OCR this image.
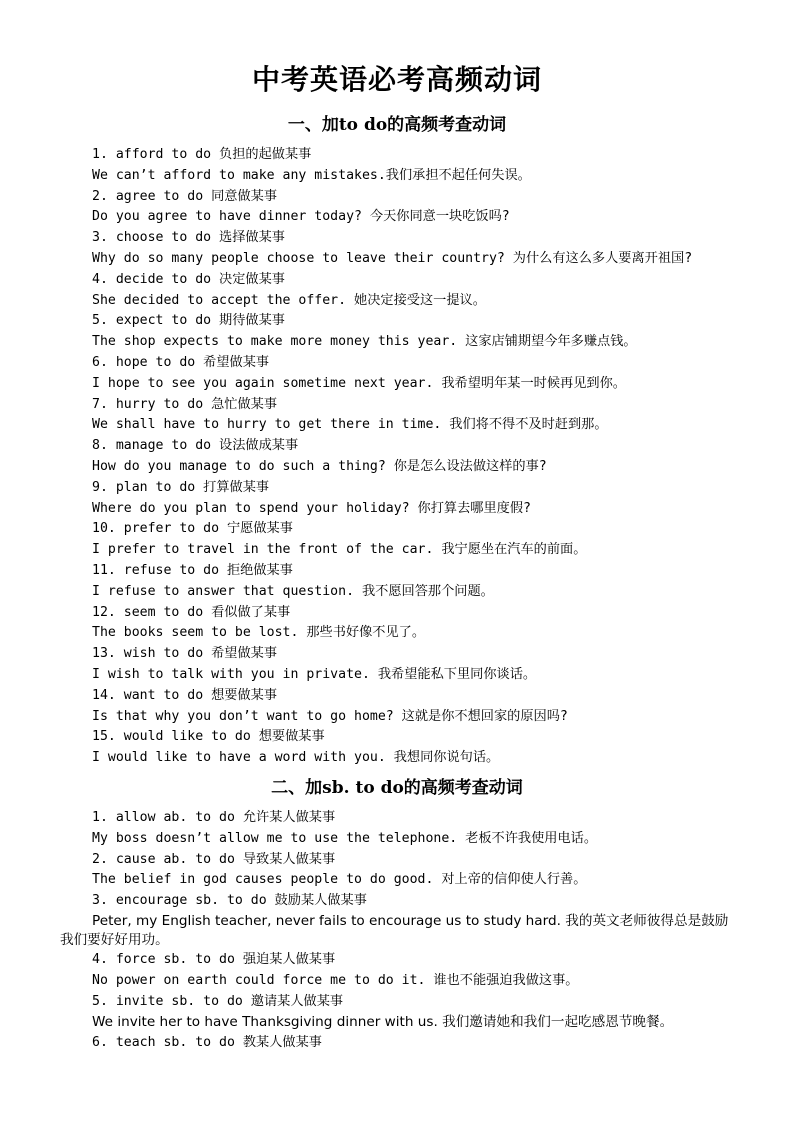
中考英语必考高频动词
一、加to do的高频考查动词
1. afford to do 负担的起做某事
We can’t afford to make any mistakes.我们承担不起任何失误。
2. agree to do 同意做某事
Do you agree to have dinner today? 今天你同意一块吃饭吗?
3. choose to do 选择做某事
Why do so many people choose to leave their country? 为什么有这么多人要离开祖国?
4. decide to do 决定做某事
She decided to accept the offer. 她决定接受这一提议。
5. expect to do 期待做某事
The shop expects to make more money this year. 这家店铺期望今年多赚点钱。
6. hope to do 希望做某事
I hope to see you again sometime next year. 我希望明年某一时候再见到你。
7. hurry to do 急忙做某事
We shall have to hurry to get there in time. 我们将不得不及时赶到那。
8. manage to do 设法做成某事
How do you manage to do such a thing? 你是怎么设法做这样的事?
9. plan to do 打算做某事
Where do you plan to spend your holiday? 你打算去哪里度假?
10. prefer to do 宁愿做某事
I prefer to travel in the front of the car. 我宁愿坐在汽车的前面。
11. refuse to do 拒绝做某事
I refuse to answer that question. 我不愿回答那个问题。
12. seem to do 看似做了某事
The books seem to be lost. 那些书好像不见了。
13. wish to do 希望做某事
I wish to talk with you in private. 我希望能私下里同你谈话。
14. want to do 想要做某事
Is that why you don’t want to go home? 这就是你不想回家的原因吗?
15. would like to do 想要做某事
I would like to have a word with you. 我想同你说句话。
二、加sb. to do的高频考查动词
1. allow ab. to do 允许某人做某事
My boss doesn’t allow me to use the telephone. 老板不许我使用电话。
2. cause ab. to do 导致某人做某事
The belief in god causes people to do good. 对上帝的信仰使人行善。
3. encourage sb. to do 鼓励某人做某事
Peter, my English teacher, never fails to encourage us to study hard. 我的英文老师彼得总是鼓励我们要好好用功。
4. force sb. to do 强迫某人做某事
No power on earth could force me to do it. 谁也不能强迫我做这事。
5. invite sb. to do 邀请某人做某事
We invite her to have Thanksgiving dinner with us. 我们邀请她和我们一起吃感恩节晚餐。
6. teach sb. to do 教某人做某事
